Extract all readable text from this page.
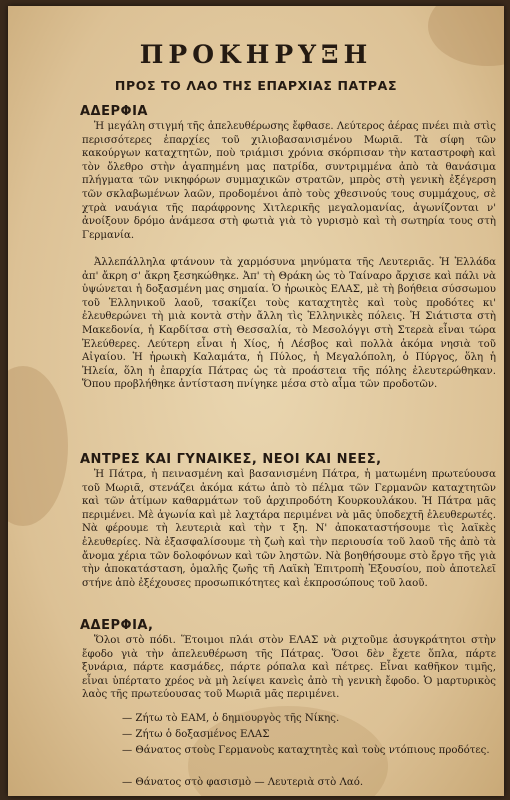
ΠΡΟΚΗΡΥΞΗ
ΠΡΟΣ ΤΟ ΛΑΟ ΤΗΣ ΕΠΑΡΧΙΑΣ ΠΑΤΡΑΣ
ΑΔΕΡΦΙΑ
Ἡ μεγάλη στιγμή τῆς ἀπελευθέρωσης ἔφθασε. Λεύτερος ἀέρας πνέει πιὰ στὶς περισσότερες ἐπαρχίες τοῦ χιλιοβασανισμένου Μωριᾶ. Τὰ σίφη τῶν κακούργων καταχτητῶν, ποὺ τριάμισι χρόνια σκόρπισαν τὴν καταστροφὴ καὶ τὸν ὄλεθρο στὴν ἀγαπημένη μας πατρίδα, συντριμμένα ἀπὸ τὰ θανάσιμα πλήγματα τῶν νικηφόρων συμμαχικῶν στρατῶν, μπρὸς στὴ γενικὴ ἐξέγερση τῶν σκλαβωμένων λαῶν, προδομένοι ἀπὸ τοὺς χθεσινούς τους συμμάχους, σὲ χτρὰ ναυάγια τῆς παράφρονης Χιτλερικῆς μεγαλομανίας, ἀγωνίζονται ν' ἀνοίξουν δρόμο ἀνάμεσα στὴ φωτιὰ γιὰ τὸ γυρισμὸ καὶ τὴ σωτηρία τους στὴ Γερμανία.
Ἀλλεπάλληλα φτάνουν τὰ χαρμόσυνα μηνύματα τῆς Λευτεριᾶς. Ἡ Ἑλλάδα ἀπ' ἄκρη σ' ἄκρη ξεσηκώθηκε. Ἀπ' τὴ Θράκη ὡς τὸ Ταίναρο ἄρχισε καὶ πάλι νὰ ὑψώνεται ἡ δοξασμένη μας σημαία. Ὁ ἡρωικὸς ΕΛΑΣ, μὲ τὴ βοήθεια σύσσωμου τοῦ Ἑλληνικοῦ λαοῦ, τσακίζει τοὺς καταχτητὲς καὶ τοὺς προδότες κι' ἐλευθερώνει τὴ μιὰ κοντὰ στὴν ἄλλη τὶς Ἑλληνικὲς πόλεις. Ἡ Σιάτιστα στὴ Μακεδονία, ἡ Καρδίτσα στὴ Θεσσαλία, τὸ Μεσολόγγι στὴ Στερεὰ εἶναι τώρα Ἐλεύθερες. Λεύτερη εἶναι ἡ Χίος, ἡ Λέσβος καὶ πολλὰ ἀκόμα νησιὰ τοῦ Αἰγαίου. Ἡ ἡρωικὴ Καλαμάτα, ἡ Πύλος, ἡ Μεγαλόπολη, ὁ Πύργος, ὅλη ἡ Ἠλεία, ὅλη ἡ ἐπαρχία Πάτρας ὡς τὰ προάστεια τῆς πόλης ἐλευτερώθηκαν. Ὅπου προβλήθηκε ἀντίσταση πνίγηκε μέσα στὸ αἷμα τῶν προδοτῶν.
ΑΝΤΡΕΣ ΚΑΙ ΓΥΝΑΙΚΕΣ, ΝΕΟΙ ΚΑΙ ΝΕΕΣ,
Ἡ Πάτρα, ἡ πεινασμένη καὶ βασανισμένη Πάτρα, ἡ ματωμένη πρωτεύουσα τοῦ Μωριᾶ, στενάζει ἀκόμα κάτω ἀπὸ τὸ πέλμα τῶν Γερμανῶν καταχτητῶν καὶ τῶν ἀτίμων καθαρμάτων τοῦ ἀρχιπροδότη Κουρκουλάκου. Ἡ Πάτρα μᾶς περιμένει. Μὲ ἀγωνία καὶ μὲ λαχτάρα περιμένει νὰ μᾶς ὑποδεχτῆ ἐλευθερωτές. Νὰ φέρουμε τὴ λευτεριὰ καὶ τὴν τ ξη. Ν' ἀποκαταστήσουμε τὶς λαϊκὲς ἐλευθερίες. Νὰ ἐξασφαλίσουμε τὴ ζωὴ καὶ τὴν περιουσία τοῦ λαοῦ τῆς ἀπὸ τὰ ἄνομα χέρια τῶν δολοφόνων καὶ τῶν ληστῶν. Νὰ βοηθήσουμε στὸ ἔργο τῆς γιὰ τὴν ἀποκατάσταση, ὁμαλῆς ζωῆς τῆ Λαϊκὴ Ἐπιτροπὴ Ἐξουσίου, ποὺ ἀποτελεῖ στήνε ἀπὸ ἐξέχουσες προσωπικότητες καὶ ἐκπροσώπους τοῦ λαοῦ.
ΑΔΕΡΦΙΑ,
Ὅλοι στὸ πόδι. Ἕτοιμοι πλάι στὸν ΕΛΑΣ νὰ ριχτοῦμε ἀσυγκράτητοι στὴν ἔφοδο γιὰ τὴν ἀπελευθέρωση τῆς Πάτρας. Ὅσοι δὲν ἔχετε ὅπλα, πάρτε ξυνάρια, πάρτε κασμάδες, πάρτε ρόπαλα καὶ πέτρες. Εἶναι καθῆκον τιμῆς, εἶναι ὑπέρτατο χρέος νὰ μὴ λείψει κανεὶς ἀπὸ τὴ γενικὴ ἔφοδο. Ὁ μαρτυρικὸς λαὸς τῆς πρωτεύουσας τοῦ Μωριᾶ μᾶς περιμένει.
— Ζήτω τὸ ΕΑΜ, ὁ δημιουργὸς τῆς Νίκης.
— Ζήτω ὁ δοξασμένος ΕΛΑΣ
— Θάνατος στοὺς Γερμανοὺς καταχτητὲς καὶ τοὺς ντόπιους προδότες.
— Θάνατος στὸ φασισμὸ — Λευτεριὰ στὸ Λαό.
